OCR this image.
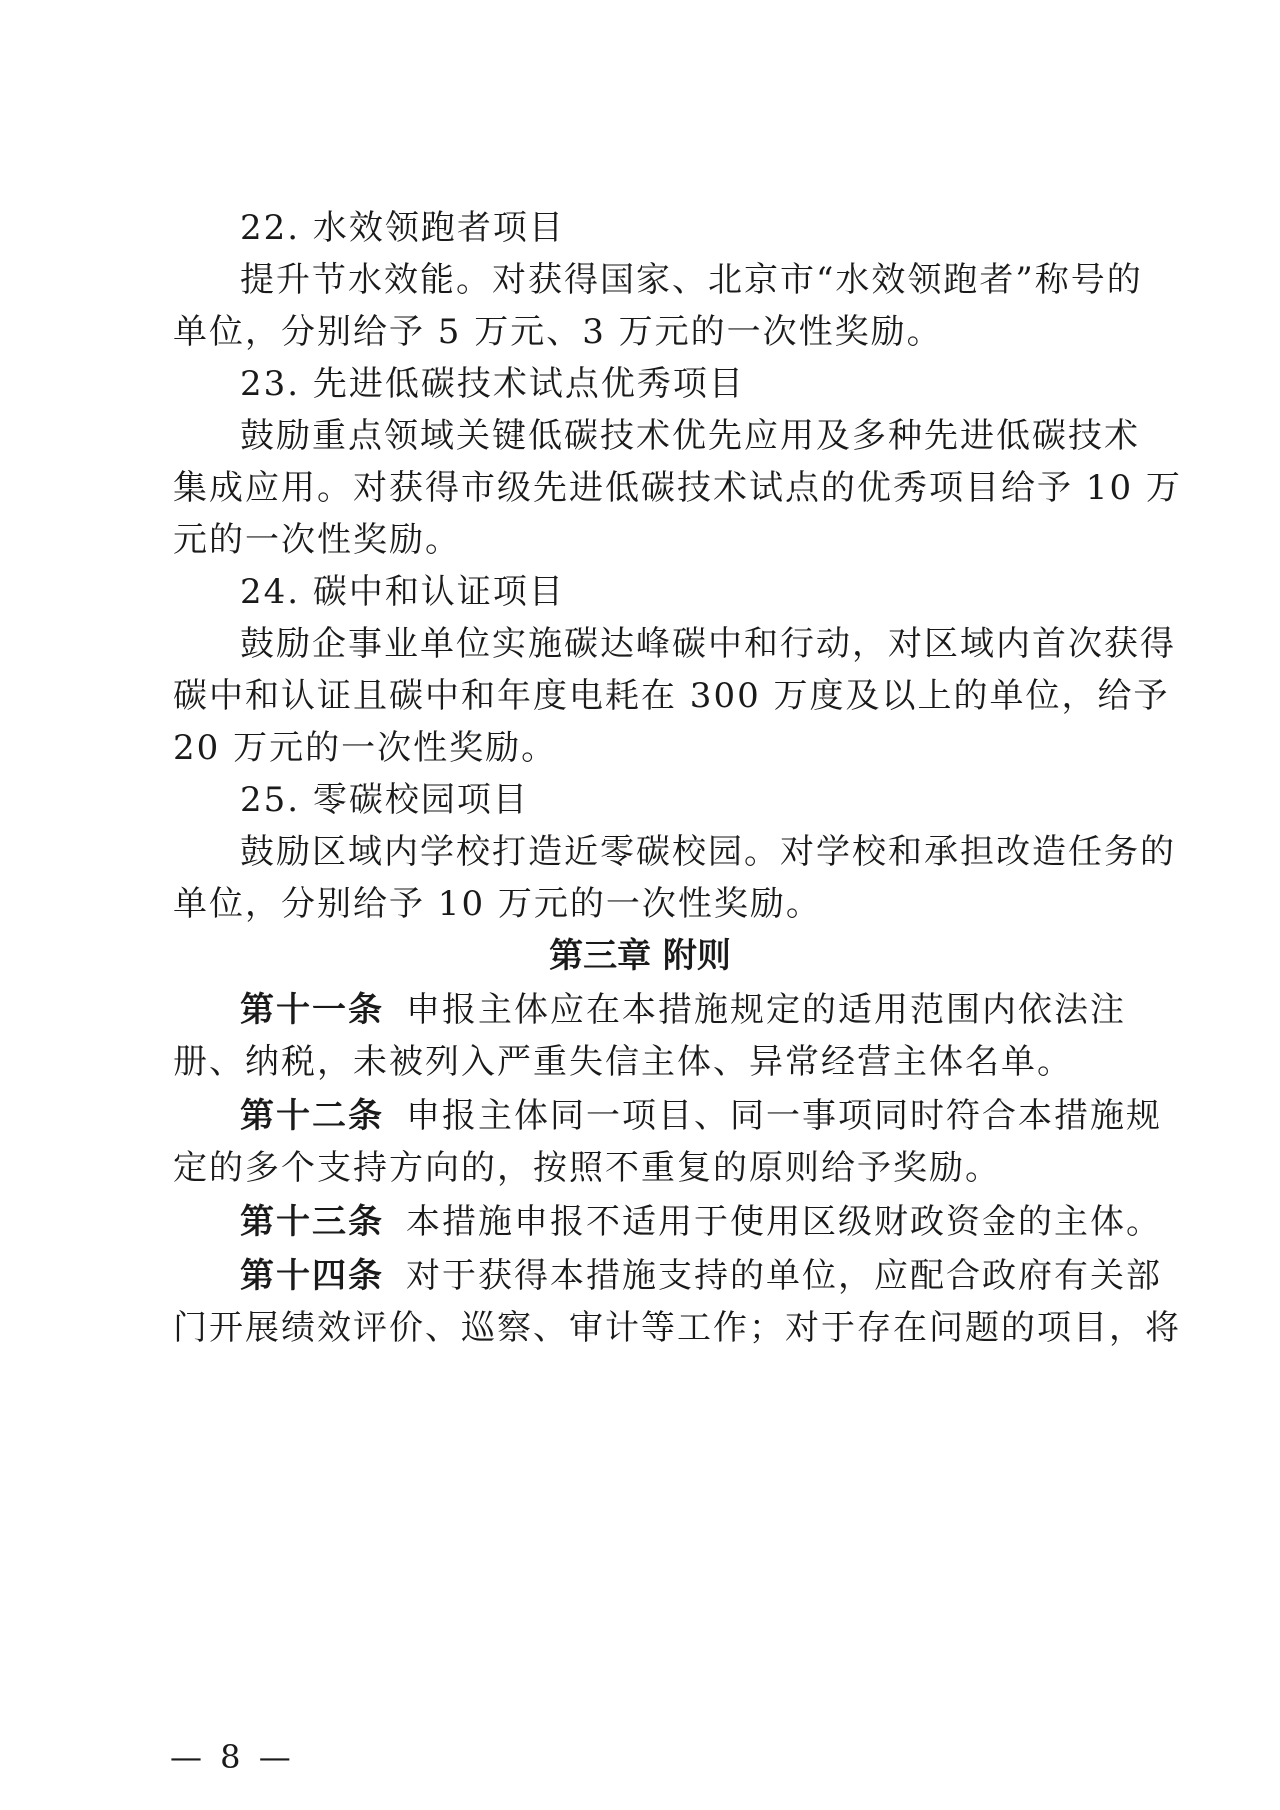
22. 水效领跑者项目
提升节水效能。对获得国家、北京市“水效领跑者”称号的
单位，分别给予 5 万元、3 万元的一次性奖励。
23. 先进低碳技术试点优秀项目
鼓励重点领域关键低碳技术优先应用及多种先进低碳技术
集成应用。对获得市级先进低碳技术试点的优秀项目给予 10 万
元的一次性奖励。
24. 碳中和认证项目
鼓励企事业单位实施碳达峰碳中和行动，对区域内首次获得
碳中和认证且碳中和年度电耗在 300 万度及以上的单位，给予
20 万元的一次性奖励。
25. 零碳校园项目
鼓励区域内学校打造近零碳校园。对学校和承担改造任务的
单位，分别给予 10 万元的一次性奖励。
第三章 附则
第十一条 申报主体应在本措施规定的适用范围内依法注
册、纳税，未被列入严重失信主体、异常经营主体名单。
第十二条 申报主体同一项目、同一事项同时符合本措施规
定的多个支持方向的，按照不重复的原则给予奖励。
第十三条 本措施申报不适用于使用区级财政资金的主体。
第十四条 对于获得本措施支持的单位，应配合政府有关部
门开展绩效评价、巡察、审计等工作；对于存在问题的项目，将
— 8 —
